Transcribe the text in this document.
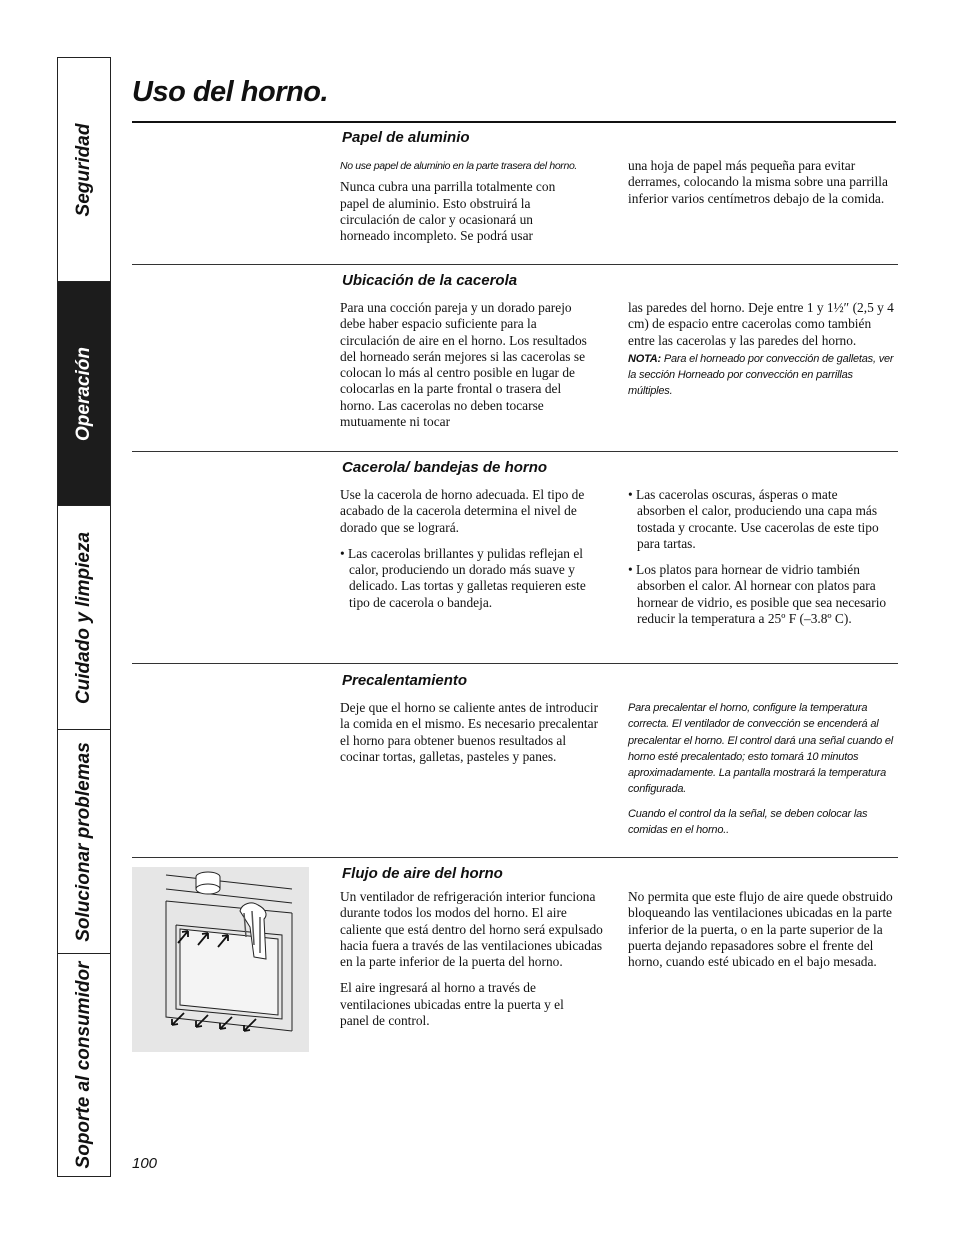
Seguridad
Operación
Cuidado y limpieza
Solucionar problemas
Soporte al consumidor
Uso del horno.
Papel de aluminio

No use papel de aluminio en la parte trasera del horno.

Nunca cubra una parrilla totalmente con papel de aluminio. Esto obstruirá la circulación de calor y ocasionará un horneado incompleto. Se podrá usar

una hoja de papel más pequeña para evitar derrames, colocando la misma sobre una parrilla inferior varios centímetros debajo de la comida.

Ubicación de la cacerola

Para una cocción pareja y un dorado parejo debe haber espacio suficiente para la circulación de aire en el horno. Los resultados del horneado serán mejores si las cacerolas se colocan lo más al centro posible en lugar de colocarlas en la parte frontal o trasera del horno. Las cacerolas no deben tocarse mutuamente ni tocar

las paredes del horno. Deje entre 1 y 1½″ (2,5 y 4 cm) de espacio entre cacerolas como también entre las cacerolas y las paredes del horno.

NOTA: Para el horneado por convección de galletas, ver la sección Horneado por convección en parrillas múltiples.

Cacerola/ bandejas de horno

Use la cacerola de horno adecuada. El tipo de acabado de la cacerola determina el nivel de dorado que se logrará.

• Las cacerolas brillantes y pulidas reflejan el calor, produciendo un dorado más suave y delicado. Las tortas y galletas requieren este tipo de cacerola o bandeja.

• Las cacerolas oscuras, ásperas o mate absorben el calor, produciendo una capa más tostada y crocante. Use cacerolas de este tipo para tartas.

• Los platos para hornear de vidrio también absorben el calor. Al hornear con platos para hornear de vidrio, es posible que sea necesario reducir la temperatura a 25º F (–3.8º C).

Precalentamiento

Deje que el horno se caliente antes de introducir la comida en el mismo. Es necesario precalentar el horno para obtener buenos resultados al cocinar tortas, galletas, pasteles y panes.

Para precalentar el horno, configure la temperatura correcta. El ventilador de convección se encenderá al precalentar el horno. El control dará una señal cuando el horno esté precalentado; esto tomará 10 minutos aproximadamente. La pantalla mostrará la temperatura configurada.

Cuando el control da la señal, se deben colocar las comidas en el horno..

Flujo de aire del horno

Un ventilador de refrigeración interior funciona durante todos los modos del horno. El aire caliente que está dentro del horno será expulsado hacia fuera a través de las ventilaciones ubicadas en la parte inferior de la puerta del horno.

El aire ingresará al horno a través de ventilaciones ubicadas entre la puerta y el panel de control.

No permita que este flujo de aire quede obstruido bloqueando las ventilaciones ubicadas en la parte inferior de la puerta, o en la parte superior de la puerta dejando repasadores sobre el frente del horno, cuando esté ubicado en el bajo mesada.

100
